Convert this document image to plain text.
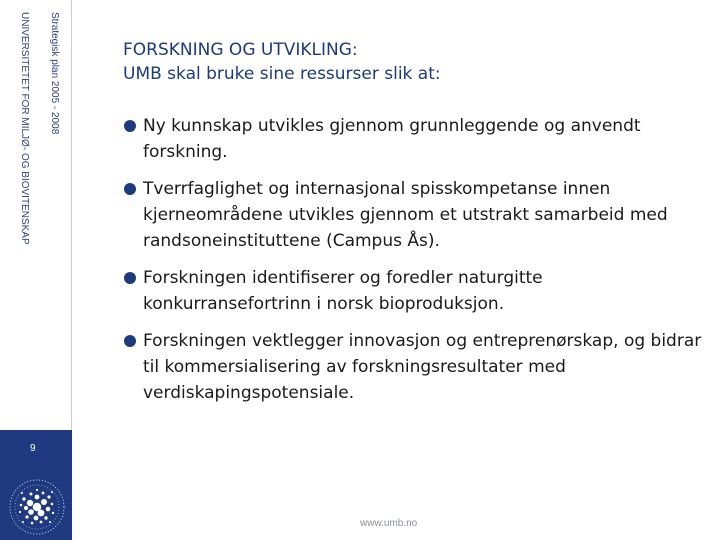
UNIVERSITETET FOR MILJØ- OG BIOVITENSKAP Strategisk plan 2005 - 2008
9
FORSKNING OG UTVIKLING:
UMB skal bruke sine ressurser slik at:
Ny kunnskap utvikles gjennom grunnleggende og anvendt forskning.
Tverrfaglighet og internasjonal spisskompetanse innen kjerneområdene utvikles gjennom et utstrakt samarbeid med randsoneinstituttene (Campus Ås).
Forskningen identifiserer og foredler naturgitte konkurransefortrinn i norsk bioproduksjon.
Forskningen vektlegger innovasjon og entreprenørskap, og bidrar til kommersialisering av forskningsresultater med verdiskapingspotensiale.
www.umb.no
